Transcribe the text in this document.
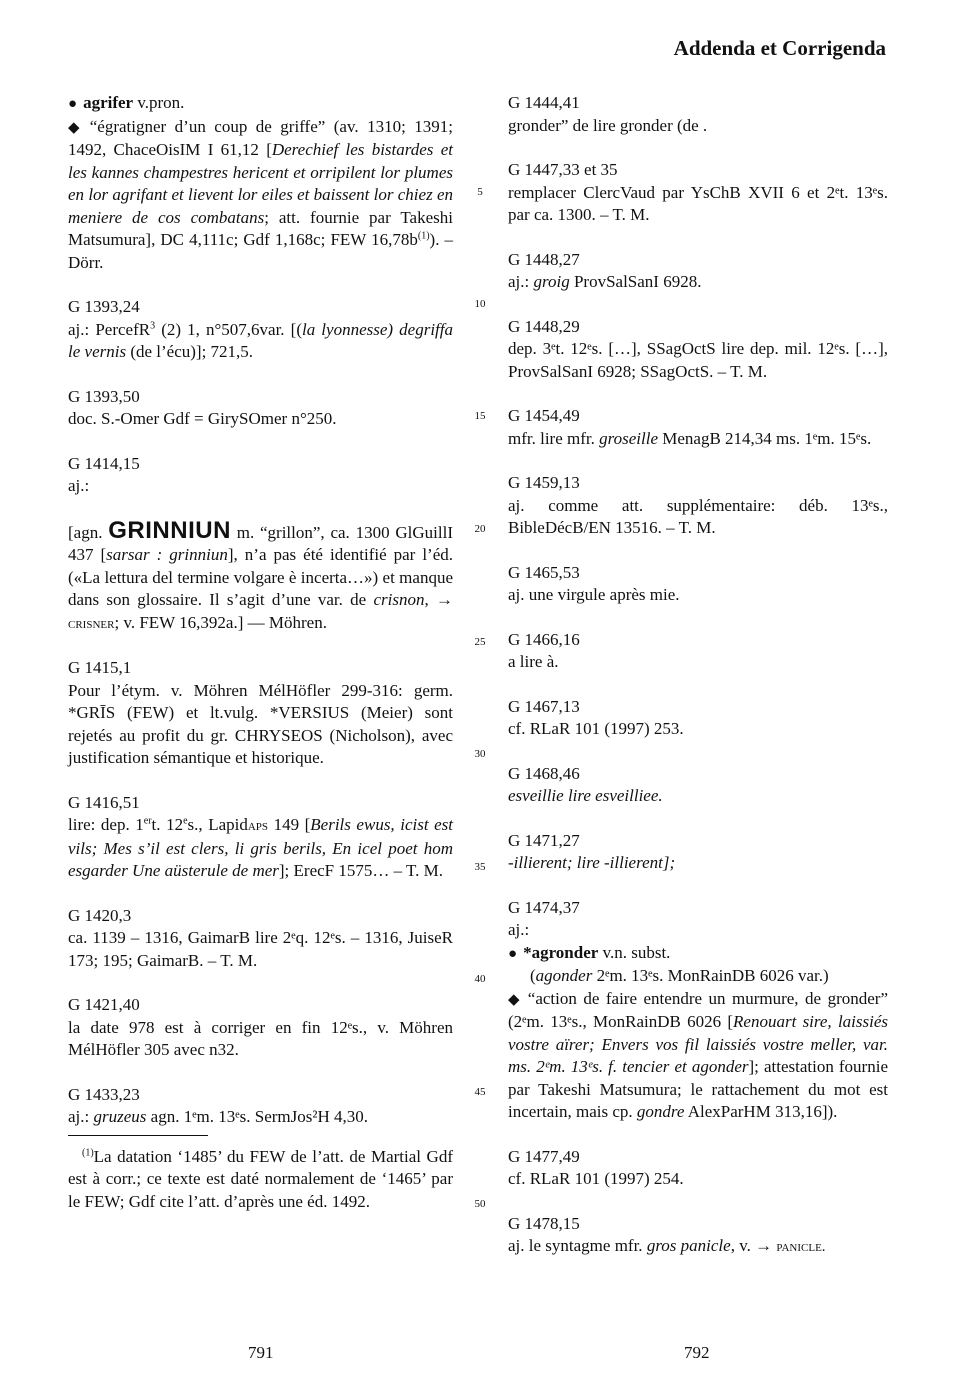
Addenda et Corrigenda

● agrifer v.pron.

◆ “égratigner d’un coup de griffe” (av. 1310; 1391; 1492, ChaceOisIM I 61,12 [Derechief les bistardes et les kannes champestres hericent et orripilent lor plumes en lor agrifant et lievent lor eiles et baissent lor chiez en meniere de cos combatans; att. fournie par Takeshi Matsumura], DC 4,111c; Gdf 1,168c; FEW $16,78b^{(1)}$). – Dörr.

G 1393,24

aj.: PercefR$^3$ (2) 1, n°507,6var. [(la lyonnesse) degriffa le vernis (de l’écu)]; 721,5.

G 1393,50

doc. S.-Omer Gdf = GirySOmer n°250.

G 1414,15

aj.:

[agn. GRINNIUN m. “grillon”, ca. 1300 GlGuillI 437 [sarsar : grinniun], n’a pas été identifié par l’éd. («La lettura del termine volgare è incerta…») et manque dans son glossaire. Il s’agit d’une var. de crisnon, → crisner; v. FEW 16,392a.] — Möhren.

G 1415,1

Pour l’étym. v. Möhren MélHöfler 299-316: germ. *GRĪS (FEW) et lt.vulg. *VERSIUS (Meier) sont rejetés au profit du gr. CHRYSEOS (Nicholson), avec justification sémantique et historique.

G 1416,51

lire: dep. 1ert. 12es., Lapidaps 149 [Berils ewus, icist est vils; Mes s’il est clers, li gris berils, En icel poet hom esgarder Une aüsterule de mer]; ErecF 1575… – T. M.

G 1420,3

ca. 1139 – 1316, GaimarB lire 2ᵉq. 12ᵉs. – 1316, JuiseR 173; 195; GaimarB. – T. M.

G 1421,40

la date 978 est à corriger en fin 12ᵉs., v. Möhren MélHöfler 305 avec n32.

G 1433,23

aj.: gruzeus agn. 1ᵉm. 13ᵉs. SermJos²H 4,30.

$^{(1)}$La datation ‘1485’ du FEW de l’att. de Martial Gdf est à corr.; ce texte est daté normalement de ‘1465’ par le FEW; Gdf cite l’att. d’après une éd. 1492.

5
10
15
20
25
30
35
40
45
50

G 1444,41

gronder” de lire gronder (de .

G 1447,33 et 35

remplacer ClercVaud par YsChB XVII 6 et 2ᵉt. 13ᵉs. par ca. 1300. – T. M.

G 1448,27

aj.: groig ProvSalSanI 6928.

G 1448,29

dep. 3ᵉt. 12ᵉs. […], SSagOctS lire dep. mil. 12ᵉs. […], ProvSalSanI 6928; SSagOctS. – T. M.

G 1454,49

mfr. lire mfr. groseille MenagB 214,34 ms. 1ᵉm. 15ᵉs.

G 1459,13

aj. comme att. supplémentaire: déb. 13ᵉs., BibleDécB/EN 13516. – T. M.

G 1465,53

aj. une virgule après mie.

G 1466,16

a lire à.

G 1467,13

cf. RLaR 101 (1997) 253.

G 1468,46

esveillie lire esveilliee.

G 1471,27

-illierent; lire -illierent];

G 1474,37

aj.:

● *agronder v.n. subst.

(agonder 2ᵉm. 13ᵉs. MonRainDB 6026 var.)

◆ “action de faire entendre un murmure, de gronder” (2ᵉm. 13ᵉs., MonRainDB 6026 [Renouart sire, laissiés vostre aïrer; Envers vos fil laissiés vostre meller, var. ms. 2ᵉm. 13ᵉs. f. tencier et agonder]; attestation fournie par Takeshi Matsumura; le rattachement du mot est incertain, mais cp. gondre AlexParHM 313,16]).

G 1477,49

cf. RLaR 101 (1997) 254.

G 1478,15

aj. le syntagme mfr. gros panicle, v. → panicle.

791	792
